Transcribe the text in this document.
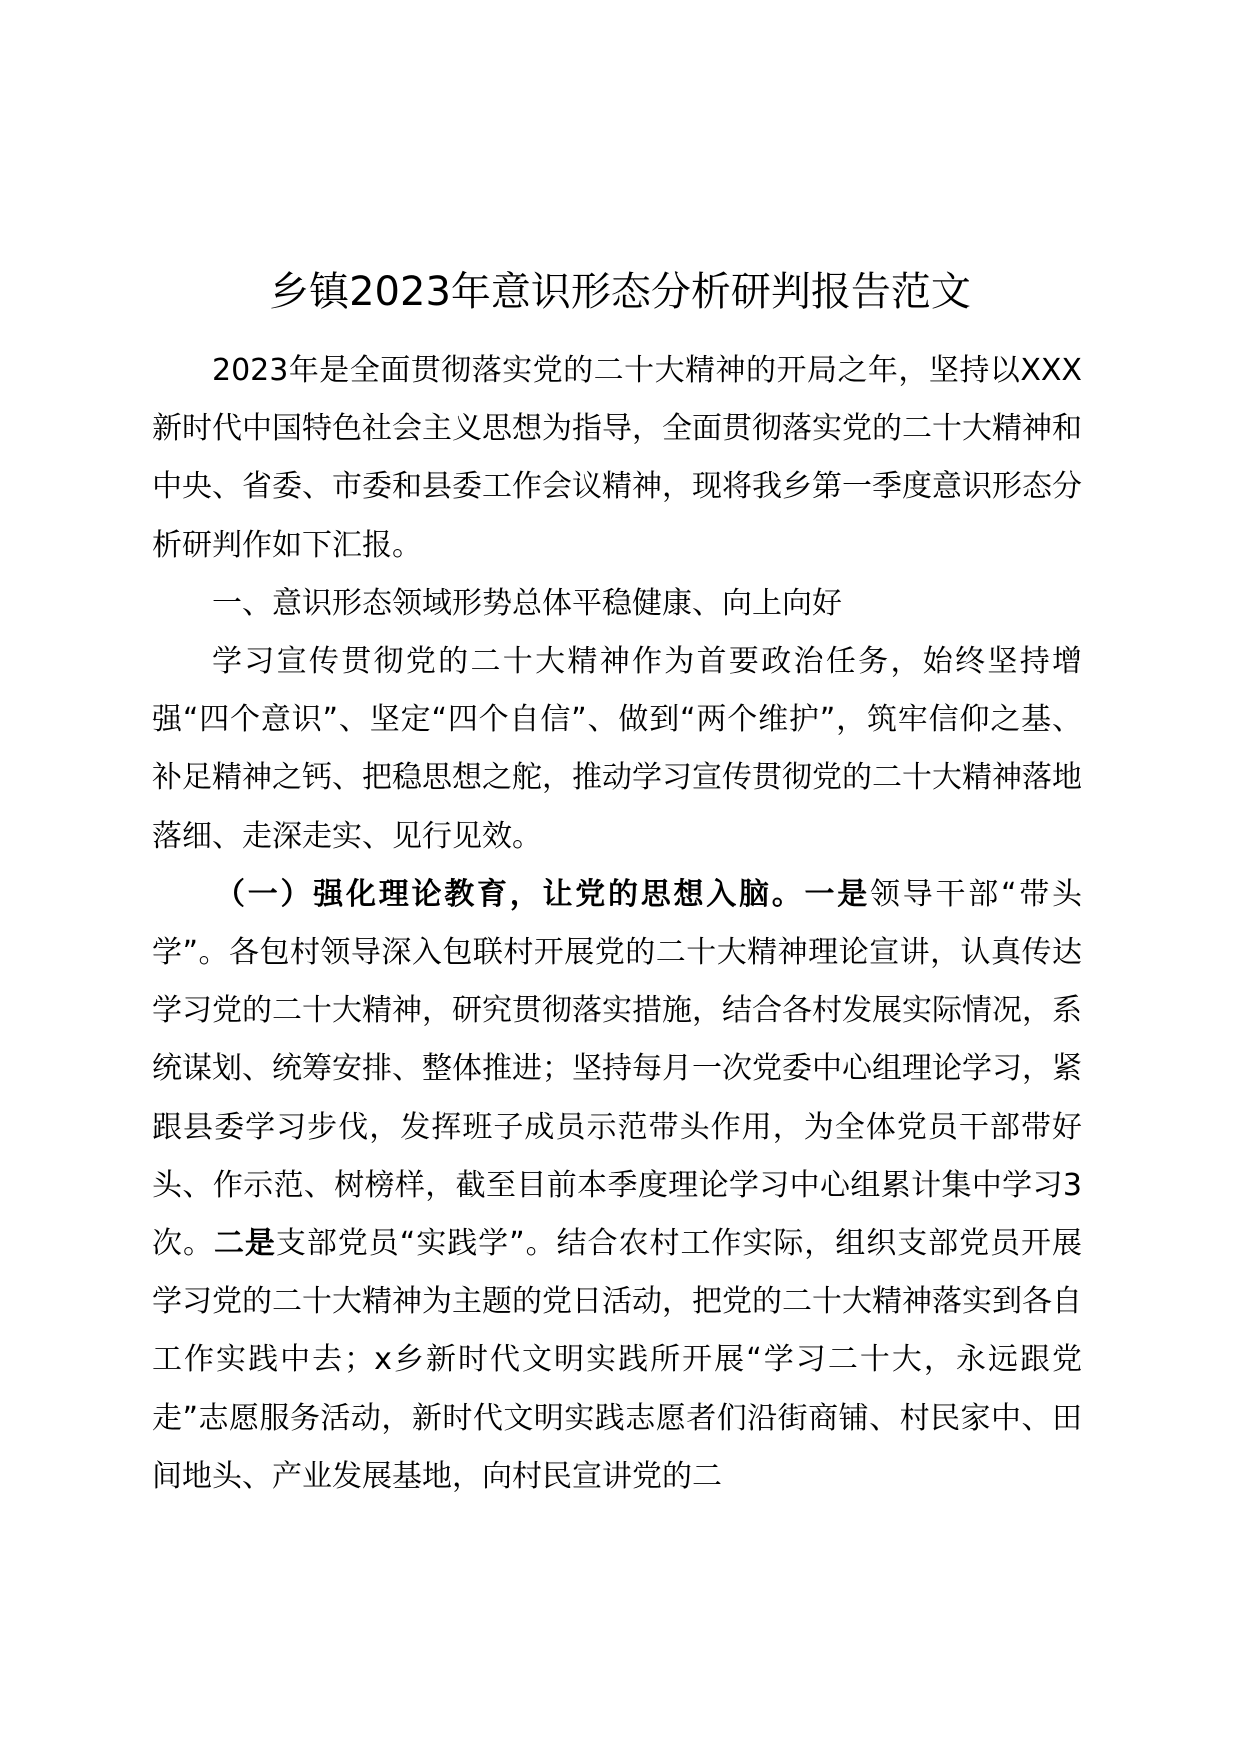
乡镇2023年意识形态分析研判报告范文

2023年是全面贯彻落实党的二十大精神的开局之年，坚持以XXX新时代中国特色社会主义思想为指导，全面贯彻落实党的二十大精神和中央、省委、市委和县委工作会议精神，现将我乡第一季度意识形态分析研判作如下汇报。

一、意识形态领域形势总体平稳健康、向上向好

学习宣传贯彻党的二十大精神作为首要政治任务，始终坚持增强“四个意识”、坚定“四个自信”、做到“两个维护”，筑牢信仰之基、补足精神之钙、把稳思想之舵，推动学习宣传贯彻党的二十大精神落地落细、走深走实、见行见效。

（一）强化理论教育，让党的思想入脑。一是领导干部“带头学”。各包村领导深入包联村开展党的二十大精神理论宣讲，认真传达学习党的二十大精神，研究贯彻落实措施，结合各村发展实际情况，系统谋划、统筹安排、整体推进；坚持每月一次党委中心组理论学习，紧跟县委学习步伐，发挥班子成员示范带头作用，为全体党员干部带好头、作示范、树榜样，截至目前本季度理论学习中心组累计集中学习3次。二是支部党员“实践学”。结合农村工作实际，组织支部党员开展学习党的二十大精神为主题的党日活动，把党的二十大精神落实到各自工作实践中去；x乡新时代文明实践所开展“学习二十大，永远跟党走”志愿服务活动，新时代文明实践志愿者们沿街商铺、村民家中、田间地头、产业发展基地，向村民宣讲党的二
